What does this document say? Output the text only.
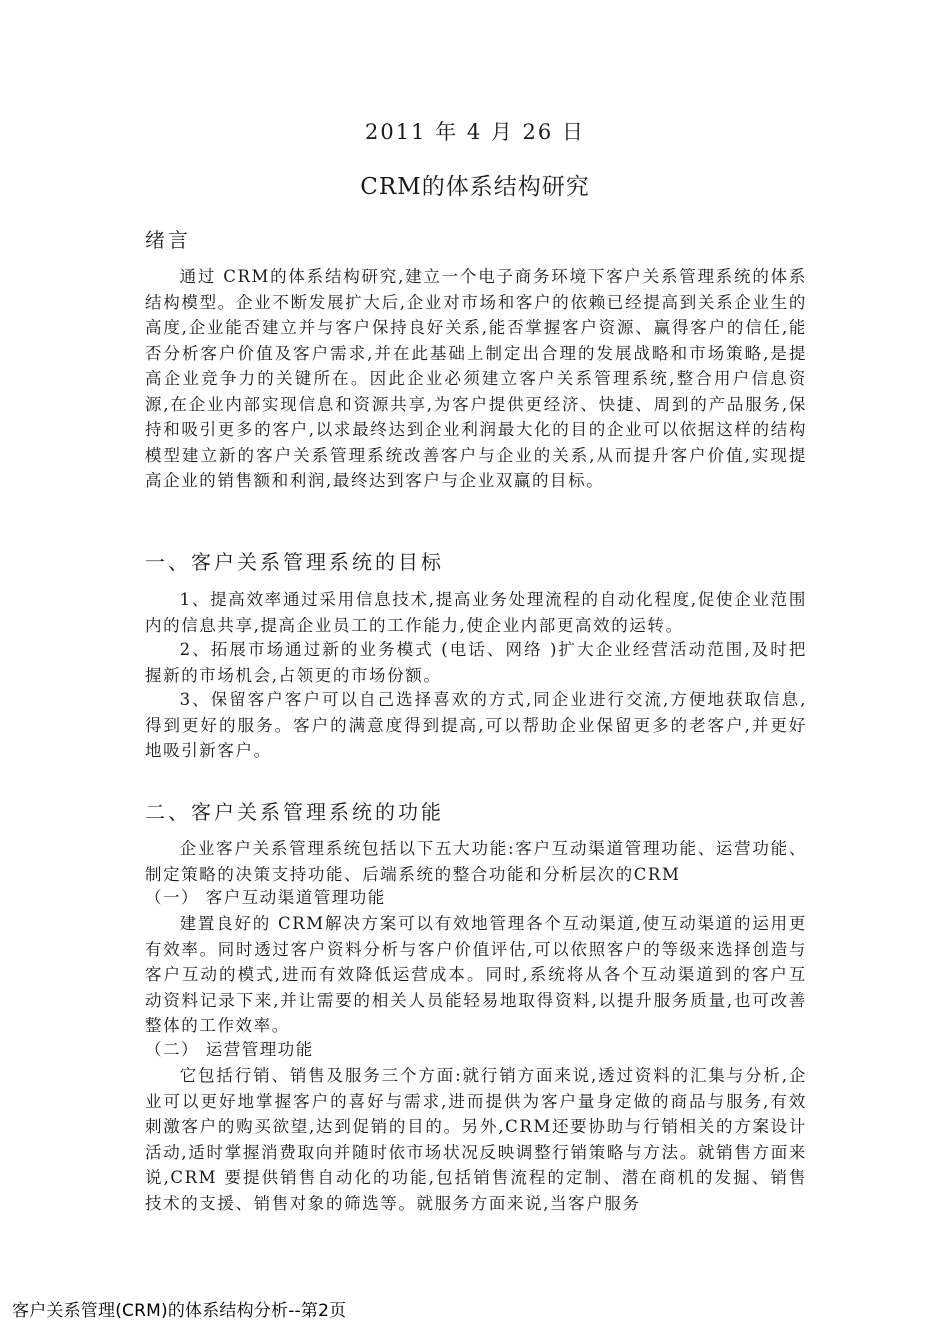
2011 年 4 月 26 日
CRM的体系结构研究
绪言

通过 CRM的体系结构研究,建立一个电子商务环境下客户关系管理系统的体系结构模型。企业不断发展扩大后,企业对市场和客户的依赖已经提高到关系企业生的高度,企业能否建立并与客户保持良好关系,能否掌握客户资源、赢得客户的信任,能否分析客户价值及客户需求,并在此基础上制定出合理的发展战略和市场策略,是提高企业竞争力的关键所在。因此企业必须建立客户关系管理系统,整合用户信息资源,在企业内部实现信息和资源共享,为客户提供更经济、快捷、周到的产品服务,保持和吸引更多的客户,以求最终达到企业利润最大化的目的企业可以依据这样的结构模型建立新的客户关系管理系统改善客户与企业的关系,从而提升客户价值,实现提高企业的销售额和利润,最终达到客户与企业双赢的目标。

一、客户关系管理系统的目标

1、提高效率通过采用信息技术,提高业务处理流程的自动化程度,促使企业范围内的信息共享,提高企业员工的工作能力,使企业内部更高效的运转。

2、拓展市场通过新的业务模式 (电话、网络 )扩大企业经营活动范围,及时把握新的市场机会,占领更的市场份额。

3、保留客户客户可以自己选择喜欢的方式,同企业进行交流,方便地获取信息,得到更好的服务。客户的满意度得到提高,可以帮助企业保留更多的老客户,并更好地吸引新客户。

二、客户关系管理系统的功能

企业客户关系管理系统包括以下五大功能:客户互动渠道管理功能、运营功能、制定策略的决策支持功能、后端系统的整合功能和分析层次的CRM

（一） 客户互动渠道管理功能

建置良好的 CRM解决方案可以有效地管理各个互动渠道,使互动渠道的运用更有效率。同时透过客户资料分析与客户价值评估,可以依照客户的等级来选择创造与客户互动的模式,进而有效降低运营成本。同时,系统将从各个互动渠道到的客户互动资料记录下来,并让需要的相关人员能轻易地取得资料,以提升服务质量,也可改善整体的工作效率。

（二） 运营管理功能

它包括行销、销售及服务三个方面:就行销方面来说,透过资料的汇集与分析,企业可以更好地掌握客户的喜好与需求,进而提供为客户量身定做的商品与服务,有效刺激客户的购买欲望,达到促销的目的。另外,CRM还要协助与行销相关的方案设计活动,适时掌握消费取向并随时依市场状况反映调整行销策略与方法。就销售方面来说,CRM 要提供销售自动化的功能,包括销售流程的定制、潜在商机的发掘、销售技术的支援、销售对象的筛选等。就服务方面来说,当客户服务

客户关系管理(CRM)的体系结构分析--第2页
